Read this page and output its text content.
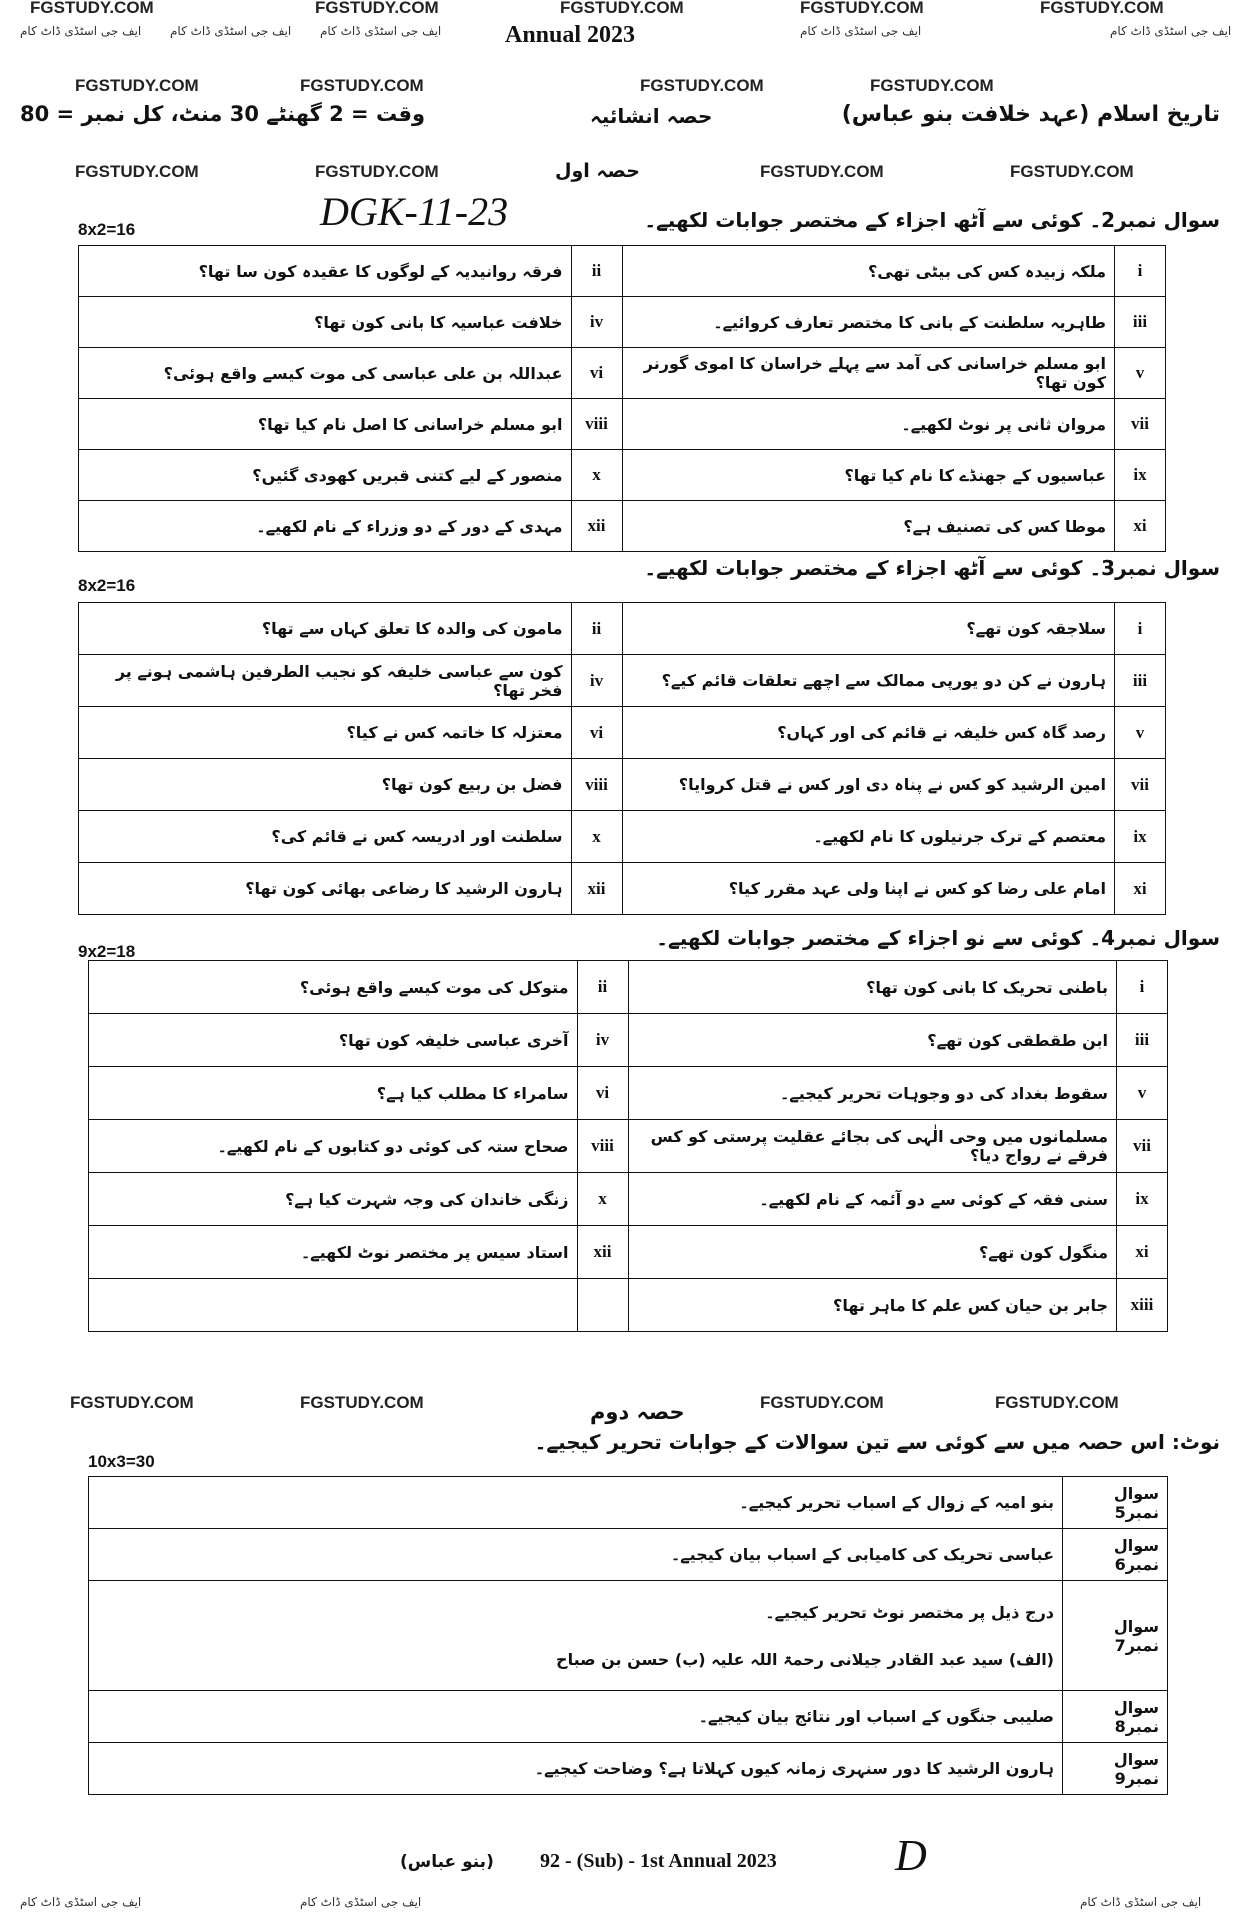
FGSTUDY.COM	FGSTUDY.COM	FGSTUDY.COM	FGSTUDY.COM	FGSTUDY.COM
ایف جی اسٹڈی ڈاٹ کام ایف جی اسٹڈی ڈاٹ کام ایف جی اسٹڈی ڈاٹ کام	ایف جی اسٹڈی ڈاٹ کام	ایف جی اسٹڈی ڈاٹ کام
Annual 2023
FGSTUDY.COM	FGSTUDY.COM	FGSTUDY.COM	FGSTUDY.COM
تاریخ اسلام (عہد خلافت بنو عباس)
حصہ انشائیہ
وقت = 2 گھنٹے 30 منٹ، کل نمبر = 80
FGSTUDY.COM	FGSTUDY.COM	FGSTUDY.COM	FGSTUDY.COM
حصہ اول
DGK-11-23	سوال نمبر2۔ کوئی سے آٹھ اجزاء کے مختصر جوابات لکھیے۔
8x2=16
i	ملکہ زبیدہ کس کی بیٹی تھی؟	ii	فرقہ روانیدیہ کے لوگوں کا عقیدہ کون سا تھا؟
iii	طاہریہ سلطنت کے بانی کا مختصر تعارف کروائیے۔	iv	خلافت عباسیہ کا بانی کون تھا؟
v	ابو مسلم خراسانی کی آمد سے پہلے خراسان کا اموی گورنر کون تھا؟	vi	عبداللہ بن علی عباسی کی موت کیسے واقع ہوئی؟
vii	مروان ثانی پر نوٹ لکھیے۔	viii	ابو مسلم خراسانی کا اصل نام کیا تھا؟
ix	عباسیوں کے جھنڈے کا نام کیا تھا؟	x	منصور کے لیے کتنی قبریں کھودی گئیں؟
xi	موطا کس کی تصنیف ہے؟	xii	مہدی کے دور کے دو وزراء کے نام لکھیے۔
سوال نمبر3۔ کوئی سے آٹھ اجزاء کے مختصر جوابات لکھیے۔
8x2=16
i	سلاجقہ کون تھے؟	ii	مامون کی والدہ کا تعلق کہاں سے تھا؟
iii	ہارون نے کن دو یورپی ممالک سے اچھے تعلقات قائم کیے؟	iv	کون سے عباسی خلیفہ کو نجیب الطرفین ہاشمی ہونے پر فخر تھا؟
v	رصد گاہ کس خلیفہ نے قائم کی اور کہاں؟	vi	معتزلہ کا خاتمہ کس نے کیا؟
vii	امین الرشید کو کس نے پناہ دی اور کس نے قتل کروایا؟	viii	فضل بن ربیع کون تھا؟
ix	معتصم کے ترک جرنیلوں کا نام لکھیے۔	x	سلطنت اور ادریسہ کس نے قائم کی؟
xi	امام علی رضا کو کس نے اپنا ولی عہد مقرر کیا؟	xii	ہارون الرشید کا رضاعی بھائی کون تھا؟
سوال نمبر4۔ کوئی سے نو اجزاء کے مختصر جوابات لکھیے۔
9x2=18
i	باطنی تحریک کا بانی کون تھا؟	ii	متوکل کی موت کیسے واقع ہوئی؟
iii	ابن طقطقی کون تھے؟	iv	آخری عباسی خلیفہ کون تھا؟
v	سقوط بغداد کی دو وجوہات تحریر کیجیے۔	vi	سامراء کا مطلب کیا ہے؟
vii	مسلمانوں میں وحی الٰہی کی بجائے عقلیت پرستی کو کس فرقے نے رواج دیا؟	viii	صحاح ستہ کی کوئی دو کتابوں کے نام لکھیے۔
ix	سنی فقہ کے کوئی سے دو آئمہ کے نام لکھیے۔	x	زنگی خاندان کی وجہ شہرت کیا ہے؟
xi	منگول کون تھے؟	xii	استاد سیس پر مختصر نوٹ لکھیے۔
xiii	جابر بن حیان کس علم کا ماہر تھا؟		
FGSTUDY.COM	FGSTUDY.COM	FGSTUDY.COM	FGSTUDY.COM
حصہ دوم
نوٹ: اس حصہ میں سے کوئی سے تین سوالات کے جوابات تحریر کیجیے۔
10x3=30
سوال نمبر5	بنو امیہ کے زوال کے اسباب تحریر کیجیے۔

سوال نمبر6	عباسی تحریک کی کامیابی کے اسباب بیان کیجیے۔

سوال نمبر7	درج ذیل پر مختصر نوٹ تحریر کیجیے۔
(الف) سید عبد القادر جیلانی رحمۃ اللہ علیہ (ب) حسن بن صباح

سوال نمبر8	صلیبی جنگوں کے اسباب اور نتائج بیان کیجیے۔

سوال نمبر9	ہارون الرشید کا دور سنہری زمانہ کیوں کہلاتا ہے؟ وضاحت کیجیے۔
(بنو عباس) 92 - (Sub) - 1st Annual 2023	D
ایف جی اسٹڈی ڈاٹ کام	ایف جی اسٹڈی ڈاٹ کام	ایف جی اسٹڈی ڈاٹ کام
